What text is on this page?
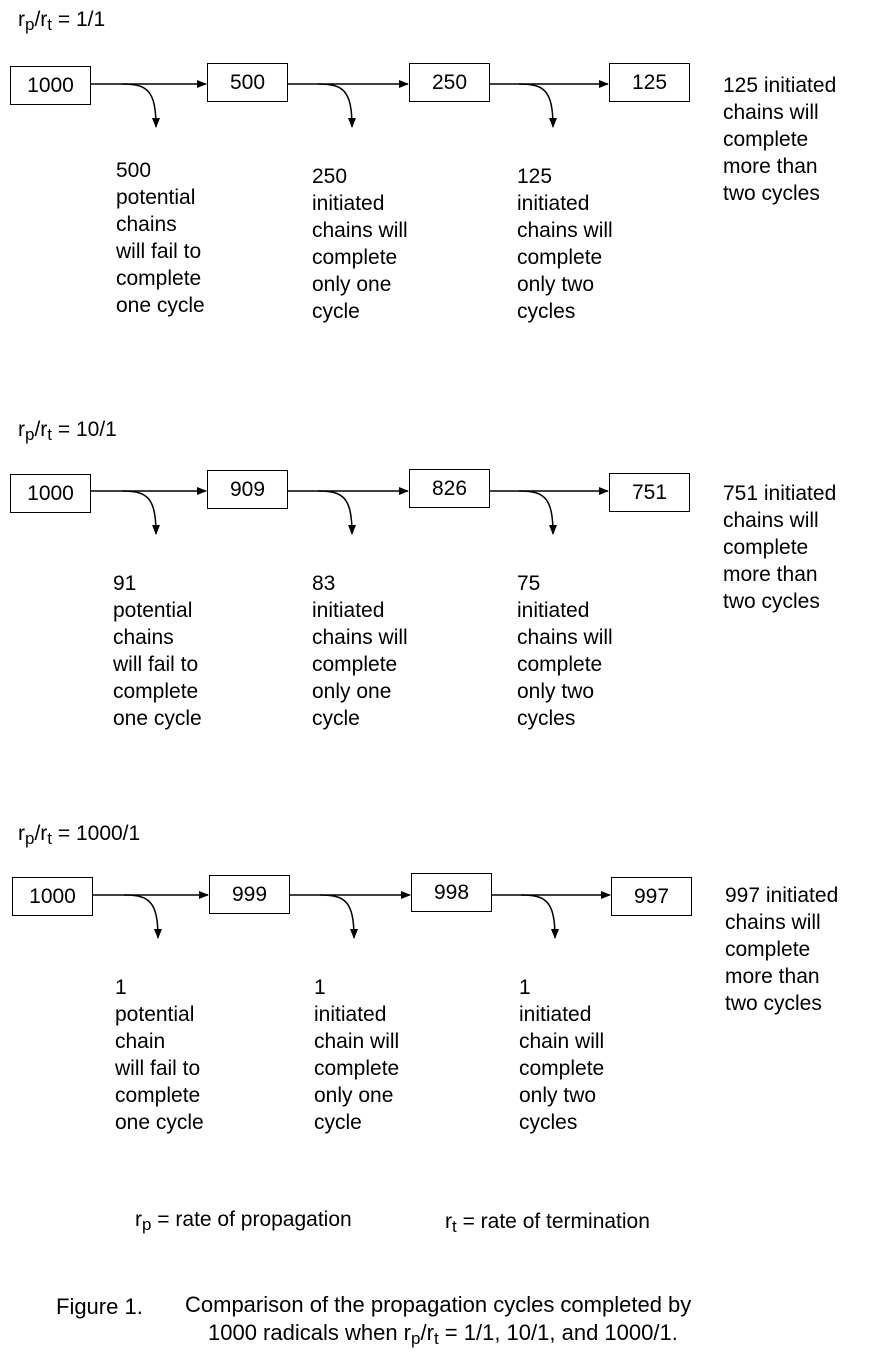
$r_p/r_t = 1/1$
1000	500	250	125
500
potential
chains
will fail to
complete
one cycle
250
initiated
chains will
complete
only one
cycle
125
initiated
chains will
complete
only two
cycles
125 initiated
chains will
complete
more than
two cycles
$r_p/r_t = 10/1$
1000	909	826	751
91
potential
chains
will fail to
complete
one cycle
83
initiated
chains will
complete
only one
cycle
75
initiated
chains will
complete
only two
cycles
751 initiated
chains will
complete
more than
two cycles
$r_p/r_t = 1000/1$
1000	999	998	997
1
potential
chain
will fail to
complete
one cycle
1
initiated
chain will
complete
only one
cycle
1
initiated
chain will
complete
only two
cycles
997 initiated
chains will
complete
more than
two cycles
$r_p$ = rate of propagation	$r_t$ = rate of termination
Figure 1. Comparison of the propagation cycles completed by
1000 radicals when $r_p/r_t = 1/1$, 10/1, and 1000/1.
